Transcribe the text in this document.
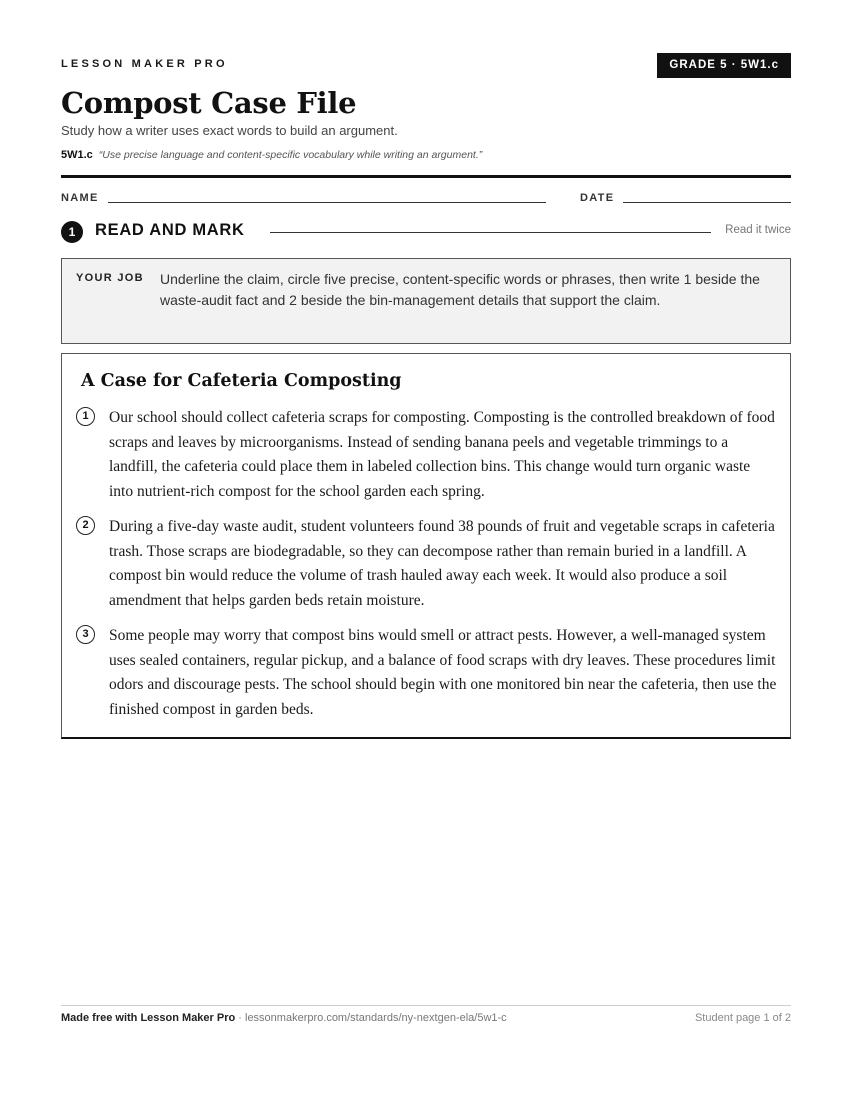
LESSON MAKER PRO	GRADE 5 · 5W1.c
Compost Case File
Study how a writer uses exact words to build an argument.
5W1.c “Use precise language and content-specific vocabulary while writing an argument.”
NAME	DATE
1	READ AND MARK	Read it twice
YOUR JOB Underline the claim, circle five precise, content-specific words or phrases, then write 1 beside the waste-audit fact and 2 beside the bin-management details that support the claim.
A Case for Cafeteria Composting
1	Our school should collect cafeteria scraps for composting. Composting is the controlled breakdown of food scraps and leaves by microorganisms. Instead of sending banana peels and vegetable trimmings to a landfill, the cafeteria could place them in labeled collection bins. This change would turn organic waste into nutrient-rich compost for the school garden each spring.

2	During a five-day waste audit, student volunteers found 38 pounds of fruit and vegetable scraps in cafeteria trash. Those scraps are biodegradable, so they can decompose rather than remain buried in a landfill. A compost bin would reduce the volume of trash hauled away each week. It would also produce a soil amendment that helps garden beds retain moisture.

3	Some people may worry that compost bins would smell or attract pests. However, a well-managed system uses sealed containers, regular pickup, and a balance of food scraps with dry leaves. These procedures limit odors and discourage pests. The school should begin with one monitored bin near the cafeteria, then use the finished compost in garden beds.

Made free with Lesson Maker Pro · lessonmakerpro.com/standards/ny-nextgen-ela/5w1-c	Student page 1 of 2
